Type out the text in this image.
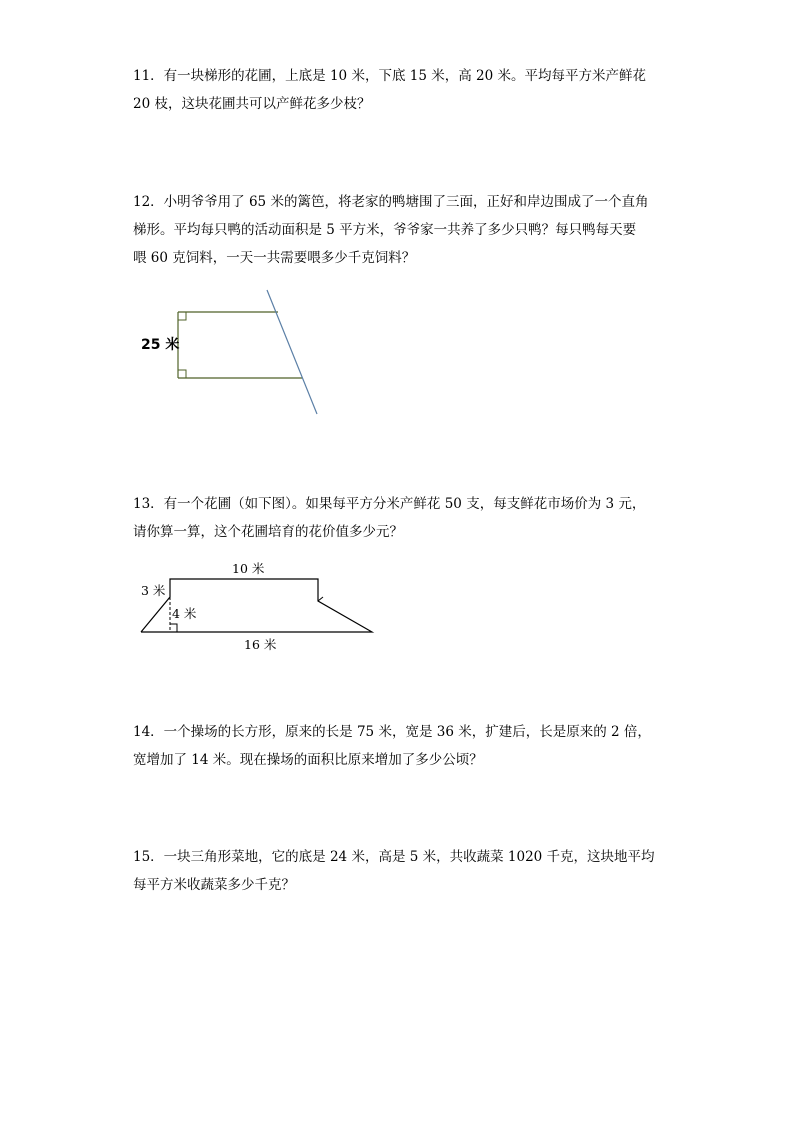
11．有一块梯形的花圃，上底是 10 米，下底 15 米，高 20 米。平均每平方米产鲜花
20 枝，这块花圃共可以产鲜花多少枝？
12．小明爷爷用了 65 米的篱笆，将老家的鸭塘围了三面，正好和岸边围成了一个直角
梯形。平均每只鸭的活动面积是 5 平方米，爷爷家一共养了多少只鸭？每只鸭每天要
喂 60 克饲料，一天一共需要喂多少千克饲料？
25 米
13．有一个花圃（如下图）。如果每平方分米产鲜花 50 支，每支鲜花市场价为 3 元，
请你算一算，这个花圃培育的花价值多少元？
10 米
3 米
4 米
16 米
14．一个操场的长方形，原来的长是 75 米，宽是 36 米，扩建后，长是原来的 2 倍，
宽增加了 14 米。现在操场的面积比原来增加了多少公顷？
15．一块三角形菜地，它的底是 24 米，高是 5 米，共收蔬菜 1020 千克，这块地平均
每平方米收蔬菜多少千克？
